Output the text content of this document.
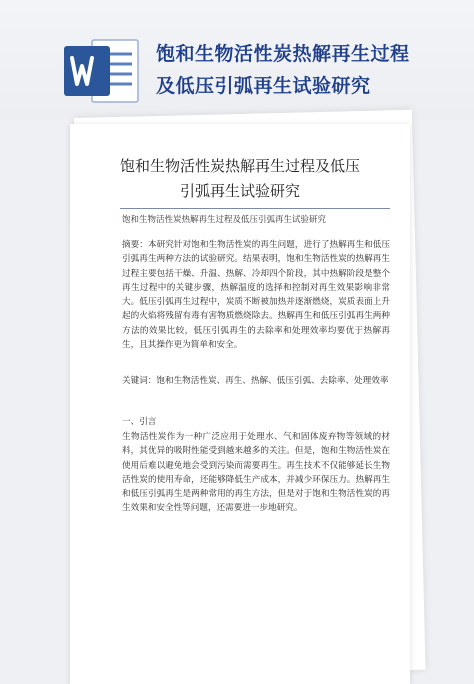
饱和生物活性炭热解再生过程
及低压引弧再生试验研究
饱和生物活性炭热解再生过程及低压
引弧再生试验研究
饱和生物活性炭热解再生过程及低压引弧再生试验研究

摘要：本研究针对饱和生物活性炭的再生问题，进行了热解再生和低压引弧再生两种方法的试验研究。结果表明，饱和生物活性炭的热解再生过程主要包括干燥、升温、热解、冷却四个阶段，其中热解阶段是整个再生过程中的关键步骤，热解温度的选择和控制对再生效果影响非常大。低压引弧再生过程中，炭质不断被加热并逐渐燃烧，炭质表面上升起的火焰将残留有毒有害物质燃烧除去。热解再生和低压引弧再生两种方法的效果比较，低压引弧再生的去除率和处理效率均要优于热解再生，且其操作更为简单和安全。

关键词：饱和生物活性炭、再生、热解、低压引弧、去除率、处理效率

一、引言

生物活性炭作为一种广泛应用于处理水、气和固体废弃物等领域的材料，其优异的吸附性能受到越来越多的关注。但是，饱和生物活性炭在使用后难以避免地会受到污染而需要再生。再生技术不仅能够延长生物活性炭的使用寿命，还能够降低生产成本，并减少环保压力。热解再生和低压引弧再生是两种常用的再生方法，但是对于饱和生物活性炭的再生效果和安全性等问题，还需要进一步地研究。
